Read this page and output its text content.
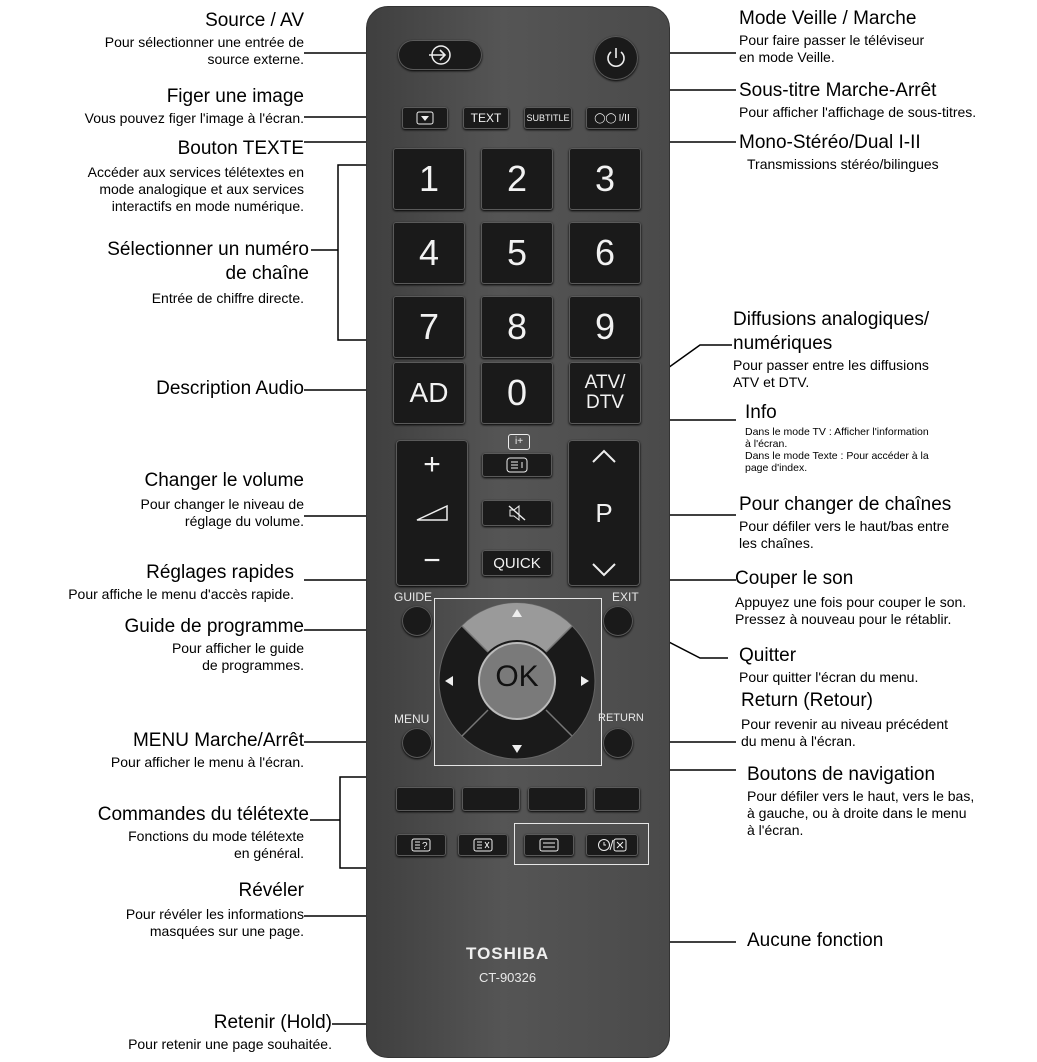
TEXT	SUBTITLE ◯◯ I/II
1	2	3
4	5	6
7	8	9
AD	0	ATV/
DTV
i+
+
−
P
QUICK
GUIDE	EXIT
MENU	RETURN
OK
?
TOSHIBA
CT-90326
Source / AV
Pour sélectionner une entrée de
source externe.
Figer une image
Vous pouvez figer l'image à l'écran.
Bouton TEXTE
Accéder aux services télétextes en
mode analogique et aux services
interactifs en mode numérique.
Sélectionner un numéro
de chaîne
Entrée de chiffre directe.
Description Audio
Changer le volume
Pour changer le niveau de
réglage du volume.
Réglages rapides
Pour affiche le menu d'accès rapide.
Guide de programme
Pour afficher le guide
de programmes.
MENU Marche/Arrêt
Pour afficher le menu à l'écran.
Commandes du télétexte
Fonctions du mode télétexte
en général.
Révéler
Pour révéler les informations
masquées sur une page.
Retenir (Hold)
Pour retenir une page souhaitée.
Mode Veille / Marche
Pour faire passer le téléviseur
en mode Veille.
Sous-titre Marche-Arrêt
Pour afficher l'affichage de sous-titres.
Mono-Stéréo/Dual I-II
Transmissions stéréo/bilingues
Diffusions analogiques/
numériques
Pour passer entre les diffusions
ATV et DTV.
Info
Dans le mode TV : Afficher l'information
à l'écran.
Dans le mode Texte : Pour accéder à la
page d'index.
Pour changer de chaînes
Pour défiler vers le haut/bas entre
les chaînes.
Couper le son
Appuyez une fois pour couper le son.
Pressez à nouveau pour le rétablir.
Quitter
Pour quitter l'écran du menu.
Return (Retour)
Pour revenir au niveau précédent
du menu à l'écran.
Boutons de navigation
Pour défiler vers le haut, vers le bas,
à gauche, ou à droite dans le menu
à l'écran.
Aucune fonction
